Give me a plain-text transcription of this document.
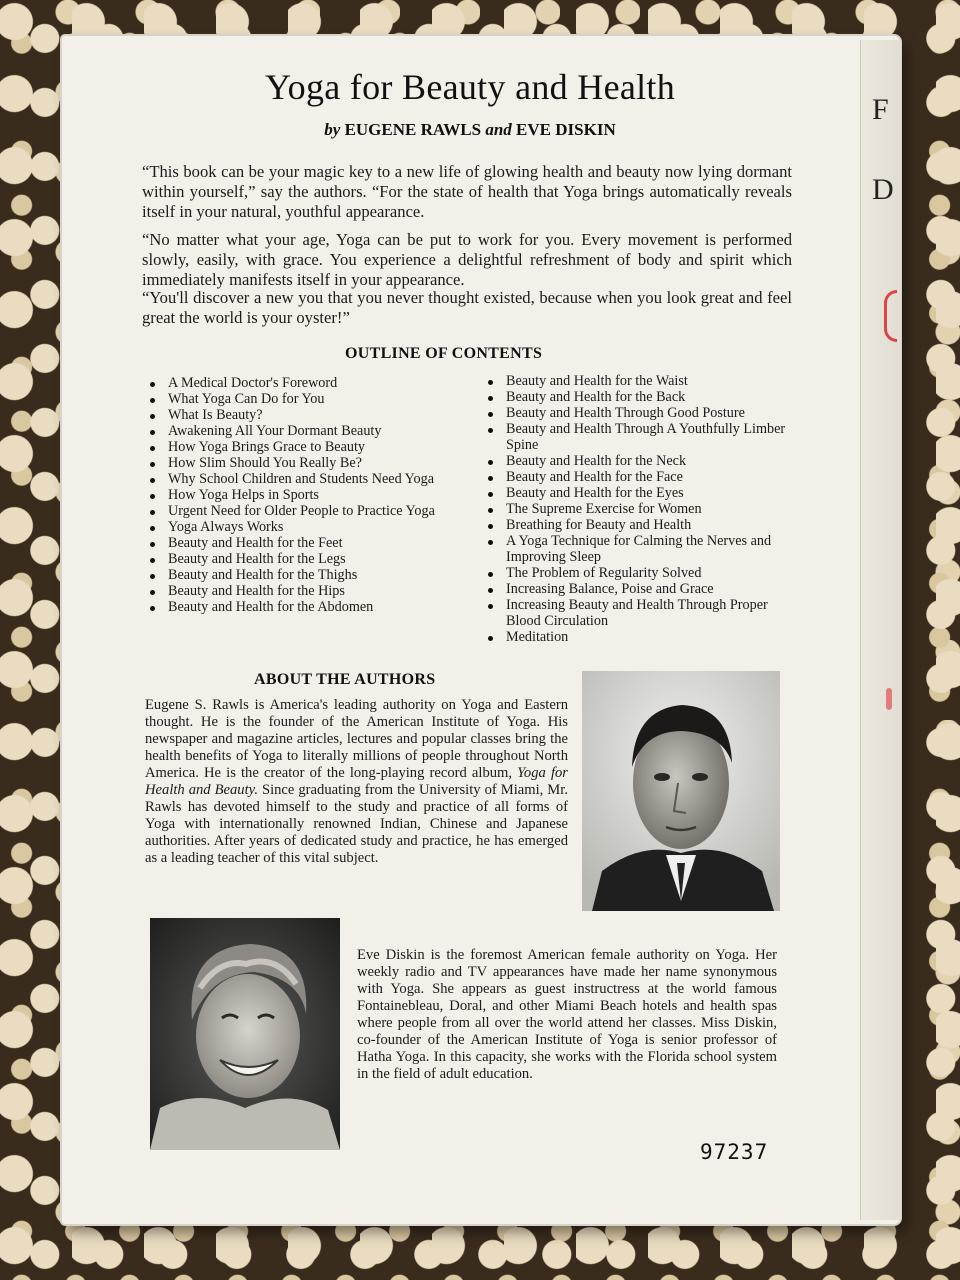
F
D
Yoga for Beauty and Health
by EUGENE RAWLS and EVE DISKIN
“This book can be your magic key to a new life of glowing health and beauty now lying dormant within yourself,” say the authors. “For the state of health that Yoga brings automatically reveals itself in your natural, youthful appearance.
“No matter what your age, Yoga can be put to work for you. Every movement is performed slowly, easily, with grace. You experience a delightful refreshment of body and spirit which immediately manifests itself in your appearance.
“You'll discover a new you that you never thought existed, because when you look great and feel great the world is your oyster!”
OUTLINE OF CONTENTS
A Medical Doctor's Foreword
What Yoga Can Do for You
What Is Beauty?
Awakening All Your Dormant Beauty
How Yoga Brings Grace to Beauty
How Slim Should You Really Be?
Why School Children and Students Need Yoga
How Yoga Helps in Sports
Urgent Need for Older People to Practice Yoga
Yoga Always Works
Beauty and Health for the Feet
Beauty and Health for the Legs
Beauty and Health for the Thighs
Beauty and Health for the Hips
Beauty and Health for the Abdomen
Beauty and Health for the Waist
Beauty and Health for the Back
Beauty and Health Through Good Posture
Beauty and Health Through A Youthfully Limber Spine
Beauty and Health for the Neck
Beauty and Health for the Face
Beauty and Health for the Eyes
The Supreme Exercise for Women
Breathing for Beauty and Health
A Yoga Technique for Calming the Nerves and Improving Sleep
The Problem of Regularity Solved
Increasing Balance, Poise and Grace
Increasing Beauty and Health Through Proper Blood Circulation
Meditation
ABOUT THE AUTHORS
Eugene S. Rawls is America's leading authority on Yoga and Eastern thought. He is the founder of the American Institute of Yoga. His newspaper and magazine articles, lectures and popular classes bring the health benefits of Yoga to literally millions of people throughout North America. He is the creator of the long-playing record album, Yoga for Health and Beauty. Since graduating from the University of Miami, Mr. Rawls has devoted himself to the study and practice of all forms of Yoga with internationally renowned Indian, Chinese and Japanese authorities. After years of dedicated study and practice, he has emerged as a leading teacher of this vital subject.
Eve Diskin is the foremost American female authority on Yoga. Her weekly radio and TV appearances have made her name synonymous with Yoga. She appears as guest instructress at the world famous Fontainebleau, Doral, and other Miami Beach hotels and health spas where people from all over the world attend her classes. Miss Diskin, co-founder of the American Institute of Yoga is senior professor of Hatha Yoga. In this capacity, she works with the Florida school system in the field of adult education.
97237
